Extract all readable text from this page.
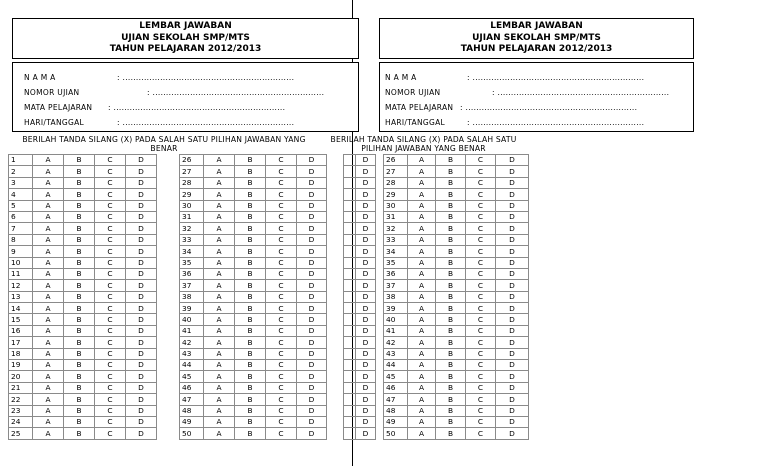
LEMBAR JAWABAN
UJIAN SEKOLAH SMP/MTS
TAHUN PELAJARAN 2012/2013
N A M A	: ................................................................
NOMOR UJIAN	: ................................................................
MATA PELAJARAN : ................................................................
HARI/TANGGAL	: ................................................................
LEMBAR JAWABAN
UJIAN SEKOLAH SMP/MTS
TAHUN PELAJARAN 2012/2013
N A M A	: ................................................................
NOMOR UJIAN	: ................................................................
MATA PELAJARAN : ................................................................
HARI/TANGGAL	: ................................................................
BERILAH TANDA SILANG (X) PADA SALAH SATU PILIHAN JAWABAN YANG BENAR
BERILAH TANDA SILANG (X) PADA SALAH SATU PILIHAN JAWABAN YANG BENAR
1	A	B	C	D		26	A	B	C	D			D		26	A	B	C	D
2	A	B	C	D		27	A	B	C	D			D		27	A	B	C	D
3	A	B	C	D		28	A	B	C	D			D		28	A	B	C	D
4	A	B	C	D		29	A	B	C	D			D		29	A	B	C	D
5	A	B	C	D		30	A	B	C	D			D		30	A	B	C	D
6	A	B	C	D		31	A	B	C	D			D		31	A	B	C	D
7	A	B	C	D		32	A	B	C	D			D		32	A	B	C	D
8	A	B	C	D		33	A	B	C	D			D		33	A	B	C	D
9	A	B	C	D		34	A	B	C	D			D		34	A	B	C	D
10	A	B	C	D		35	A	B	C	D			D		35	A	B	C	D
11	A	B	C	D		36	A	B	C	D			D		36	A	B	C	D
12	A	B	C	D		37	A	B	C	D			D		37	A	B	C	D
13	A	B	C	D		38	A	B	C	D			D		38	A	B	C	D
14	A	B	C	D		39	A	B	C	D			D		39	A	B	C	D
15	A	B	C	D		40	A	B	C	D			D		40	A	B	C	D
16	A	B	C	D		41	A	B	C	D			D		41	A	B	C	D
17	A	B	C	D		42	A	B	C	D			D		42	A	B	C	D
18	A	B	C	D		43	A	B	C	D			D		43	A	B	C	D
19	A	B	C	D		44	A	B	C	D			D		44	A	B	C	D
20	A	B	C	D		45	A	B	C	D			D		45	A	B	C	D
21	A	B	C	D		46	A	B	C	D			D		46	A	B	C	D
22	A	B	C	D		47	A	B	C	D			D		47	A	B	C	D
23	A	B	C	D		48	A	B	C	D			D		48	A	B	C	D
24	A	B	C	D		49	A	B	C	D			D		49	A	B	C	D
25	A	B	C	D		50	A	B	C	D			D		50	A	B	C	D
